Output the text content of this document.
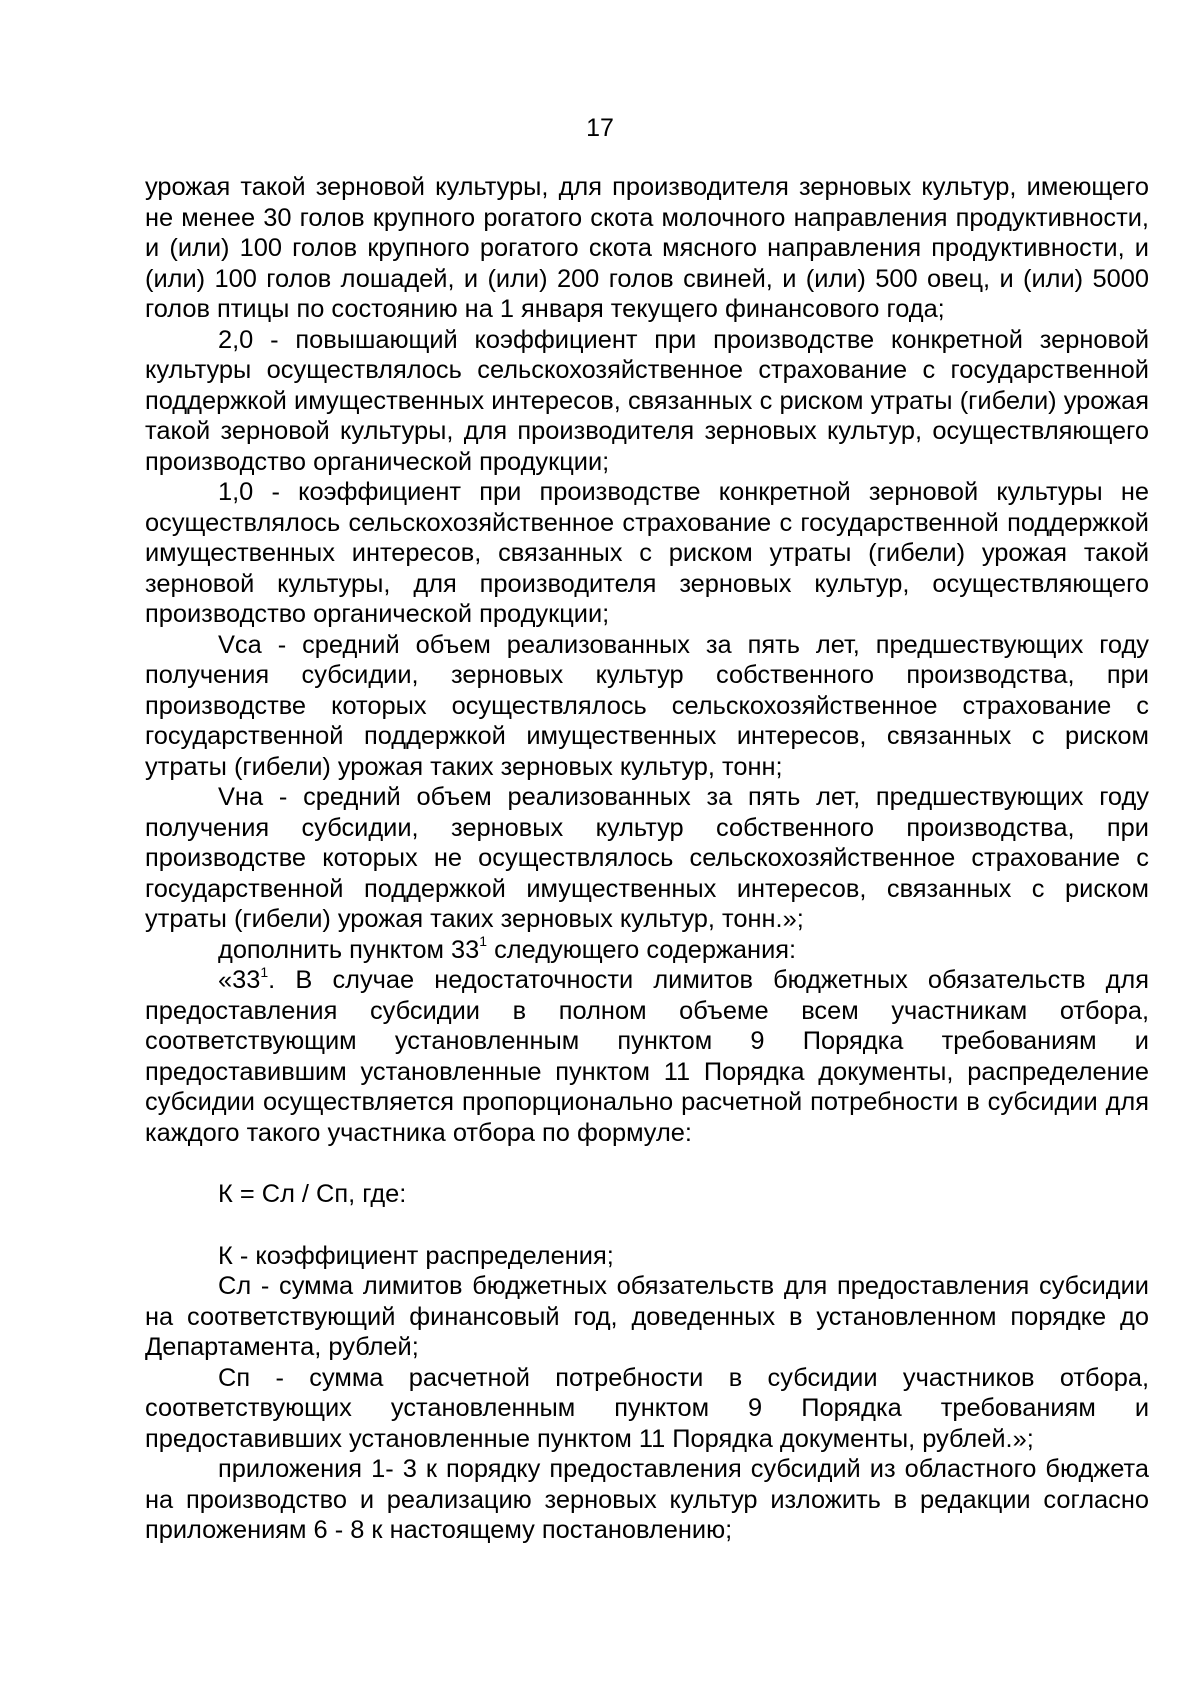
17

урожая такой зерновой культуры, для производителя зерновых культур, имеющего не менее 30 голов крупного рогатого скота молочного направления продуктивности, и (или) 100 голов крупного рогатого скота мясного направления продуктивности, и (или) 100 голов лошадей, и (или) 200 голов свиней, и (или) 500 овец, и (или) 5000 голов птицы по состоянию на 1 января текущего финансового года;

2,0 - повышающий коэффициент при производстве конкретной зерновой культуры осуществлялось сельскохозяйственное страхование с государственной поддержкой имущественных интересов, связанных с риском утраты (гибели) урожая такой зерновой культуры, для производителя зерновых культур, осуществляющего производство органической продукции;

1,0 - коэффициент при производстве конкретной зерновой культуры не осуществлялось сельскохозяйственное страхование с государственной поддержкой имущественных интересов, связанных с риском утраты (гибели) урожая такой зерновой культуры, для производителя зерновых культур, осуществляющего производство органической продукции;

Vса - средний объем реализованных за пять лет, предшествующих году получения субсидии, зерновых культур собственного производства, при производстве которых осуществлялось сельскохозяйственное страхование с государственной поддержкой имущественных интересов, связанных с риском утраты (гибели) урожая таких зерновых культур, тонн;

Vна - средний объем реализованных за пять лет, предшествующих году получения субсидии, зерновых культур собственного производства, при производстве которых не осуществлялось сельскохозяйственное страхование с государственной поддержкой имущественных интересов, связанных с риском утраты (гибели) урожая таких зерновых культур, тонн.»;

дополнить пунктом $33^1$ следующего содержания:

«$33^1$. В случае недостаточности лимитов бюджетных обязательств для предоставления субсидии в полном объеме всем участникам отбора, соответствующим установленным пунктом 9 Порядка требованиям и предоставившим установленные пунктом 11 Порядка документы, распределение субсидии осуществляется пропорционально расчетной потребности в субсидии для каждого такого участника отбора по формуле:

К = Сл / Сп, где:

К - коэффициент распределения;

Сл - сумма лимитов бюджетных обязательств для предоставления субсидии на соответствующий финансовый год, доведенных в установленном порядке до Департамента, рублей;

Сп - сумма расчетной потребности в субсидии участников отбора, соответствующих установленным пунктом 9 Порядка требованиям и предоставивших установленные пунктом 11 Порядка документы, рублей.»;

приложения 1- 3 к порядку предоставления субсидий из областного бюджета на производство и реализацию зерновых культур изложить в редакции согласно приложениям 6 - 8 к настоящему постановлению;
